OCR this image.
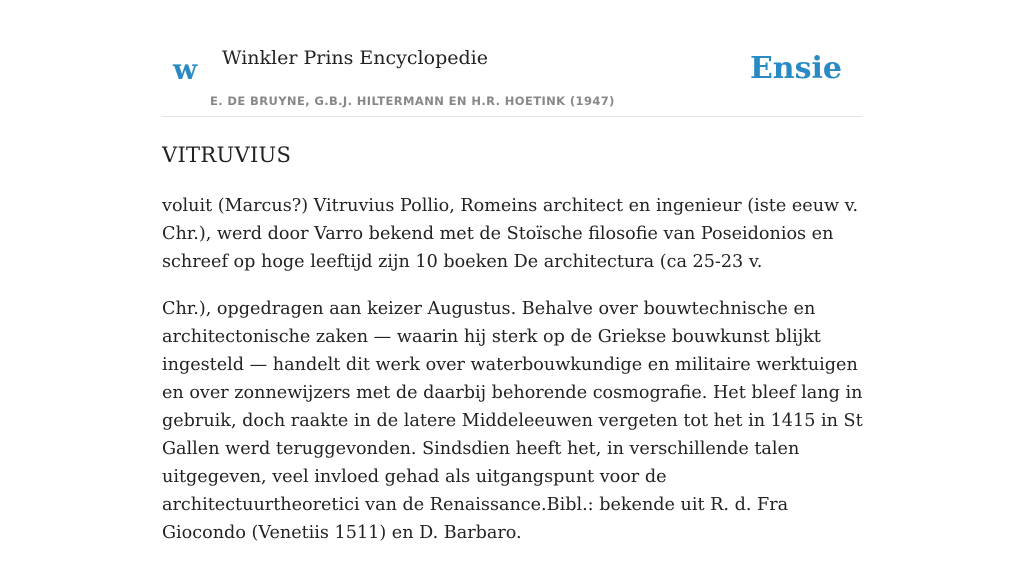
w Winkler Prins Encyclopedie
E. DE BRUYNE, G.B.J. HILTERMANN EN H.R. HOETINK (1947)
Ensie
VITRUVIUS

voluit (Marcus?) Vitruvius Pollio, Romeins architect en ingenieur (iste eeuw v. Chr.), werd door Varro bekend met de Stoïsche filosofie van Poseidonios en schreef op hoge leeftijd zijn 10 boeken De architectura (ca 25-23 v.

Chr.), opgedragen aan keizer Augustus. Behalve over bouwtechnische en architectonische zaken — waarin hij sterk op de Griekse bouwkunst blijkt ingesteld — handelt dit werk over waterbouwkundige en militaire werktuigen en over zonnewijzers met de daarbij behorende cosmografie. Het bleef lang in gebruik, doch raakte in de latere Middeleeuwen vergeten tot het in 1415 in St Gallen werd teruggevonden. Sindsdien heeft het, in verschillende talen uitgegeven, veel invloed gehad als uitgangspunt voor de architectuurtheoretici van de Renaissance.Bibl.: bekende uit R. d. Fra Giocondo (Venetiis 1511) en D. Barbaro.
